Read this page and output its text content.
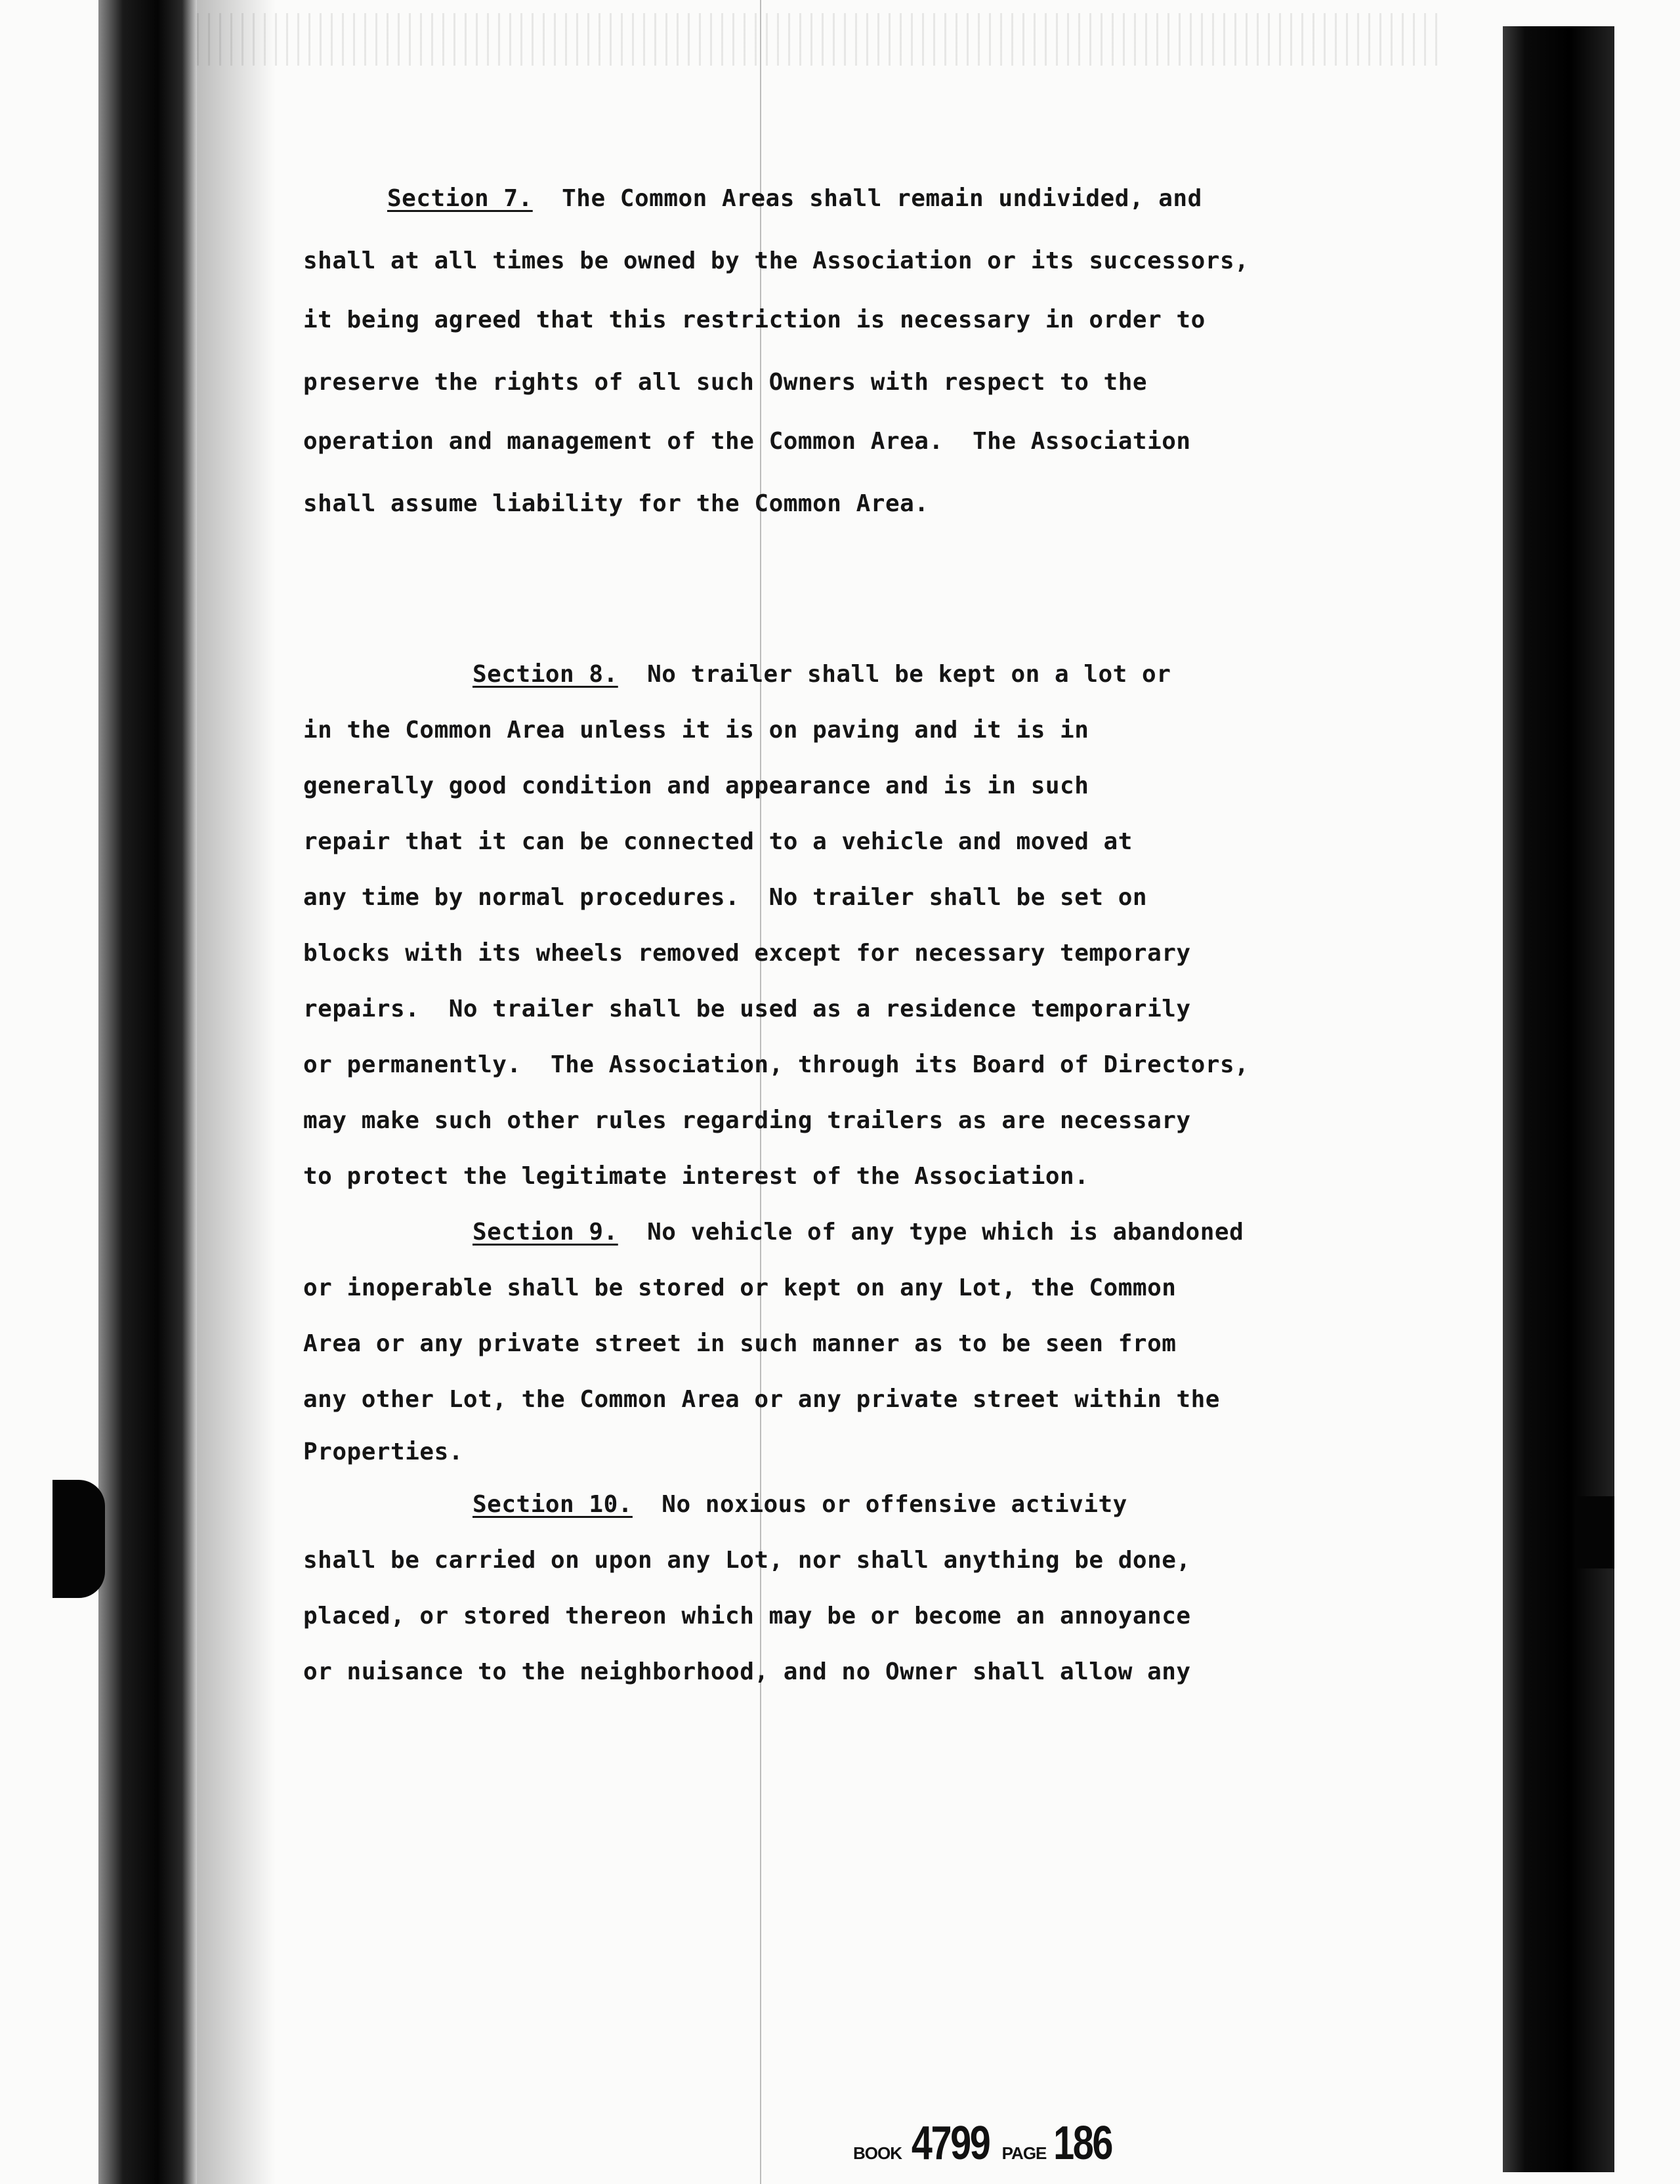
Section 7. The Common Areas shall remain undivided, and
shall at all times be owned by the Association or its successors,
it being agreed that this restriction is necessary in order to
preserve the rights of all such Owners with respect to the
operation and management of the Common Area.  The Association
shall assume liability for the Common Area.
Section 8. No trailer shall be kept on a lot or
in the Common Area unless it is on paving and it is in
generally good condition and appearance and is in such
repair that it can be connected to a vehicle and moved at
any time by normal procedures.  No trailer shall be set on
blocks with its wheels removed except for necessary temporary
repairs.  No trailer shall be used as a residence temporarily
or permanently.  The Association, through its Board of Directors,
may make such other rules regarding trailers as are necessary
to protect the legitimate interest of the Association.
Section 9. No vehicle of any type which is abandoned
or inoperable shall be stored or kept on any Lot, the Common
Area or any private street in such manner as to be seen from
any other Lot, the Common Area or any private street within the
Properties.
Section 10. No noxious or offensive activity
shall be carried on upon any Lot, nor shall anything be done,
placed, or stored thereon which may be or become an annoyance
or nuisance to the neighborhood, and no Owner shall allow any
BOOK 4799 PAGE 186
